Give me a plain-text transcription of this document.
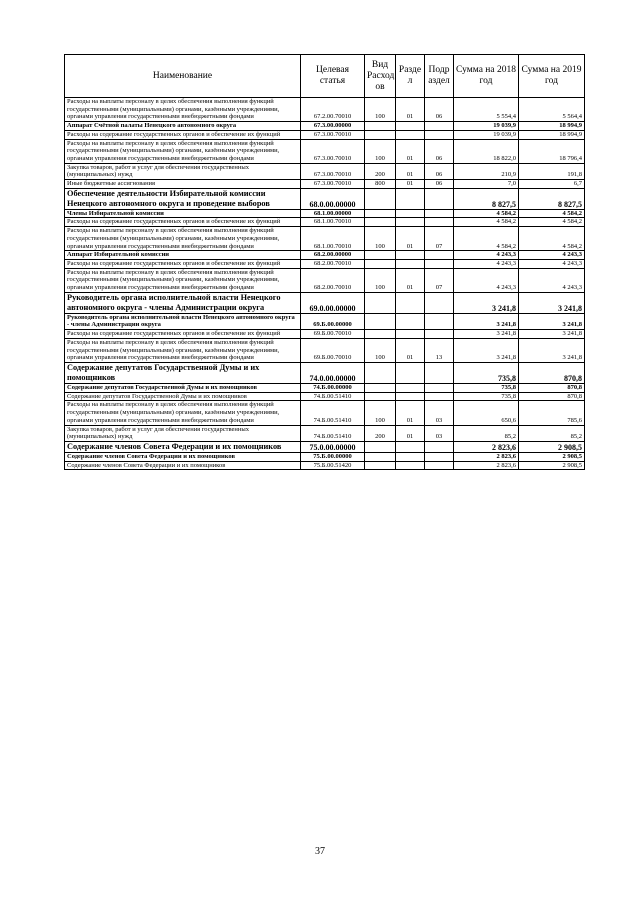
Наименование	Целевая статья	Вид Расход ов	Разде л	Подр аздел	Сумма на 2018 год	Сумма на 2019 год
Расходы на выплаты персоналу в целях обеспечения выполнения функций государственными (муниципальными) органами, казёнными учреждениями, органами управления государственными внебюджетными фондами	67.2.00.70010	100	01	06	5 554,4	5 564,4
Аппарат Счётной палаты Ненецкого автономного округа	67.3.00.00000				19 039,9	18 994,9
Расходы на содержание государственных органов и обеспечение их функций	67.3.00.70010				19 039,9	18 994,9
Расходы на выплаты персоналу в целях обеспечения выполнения функций государственными (муниципальными) органами, казёнными учреждениями, органами управления государственными внебюджетными фондами	67.3.00.70010	100	01	06	18 822,0	18 796,4
Закупка товаров, работ и услуг для обеспечения государственных (муниципальных) нужд	67.3.00.70010	200	01	06	210,9	191,8
Иные бюджетные ассигнования	67.3.00.70010	800	01	06	7,0	6,7
Обеспечение деятельности Избирательной комиссии Ненецкого автономного округа и проведение выборов	68.0.00.00000				8 827,5	8 827,5
Члены Избирательной комиссии	68.1.00.00000				4 584,2	4 584,2
Расходы на содержание государственных органов и обеспечение их функций	68.1.00.70010				4 584,2	4 584,2
Расходы на выплаты персоналу в целях обеспечения выполнения функций государственными (муниципальными) органами, казёнными учреждениями, органами управления государственными внебюджетными фондами	68.1.00.70010	100	01	07	4 584,2	4 584,2
Аппарат Избирательной комиссии	68.2.00.00000				4 243,3	4 243,3
Расходы на содержание государственных органов и обеспечение их функций	68.2.00.70010				4 243,3	4 243,3
Расходы на выплаты персоналу в целях обеспечения выполнения функций государственными (муниципальными) органами, казёнными учреждениями, органами управления государственными внебюджетными фондами	68.2.00.70010	100	01	07	4 243,3	4 243,3
Руководитель органа исполнительной власти Ненецкого автономного округа - члены Администрации округа	69.0.00.00000				3 241,8	3 241,8
Руководитель органа исполнительной власти Ненецкого автономного округа - члены Администрации округа	69.Б.00.00000				3 241,8	3 241,8
Расходы на содержание государственных органов и обеспечение их функций	69.Б.00.70010				3 241,8	3 241,8
Расходы на выплаты персоналу в целях обеспечения выполнения функций государственными (муниципальными) органами, казёнными учреждениями, органами управления государственными внебюджетными фондами	69.Б.00.70010	100	01	13	3 241,8	3 241,8
Содержание депутатов Государственной Думы и их помощников	74.0.00.00000				735,8	870,8
Содержание депутатов Государственной Думы и их помощников	74.Б.00.00000				735,8	870,8
Содержание депутатов Государственной Думы и их помощников	74.Б.00.51410				735,8	870,8
Расходы на выплаты персоналу в целях обеспечения выполнения функций государственными (муниципальными) органами, казёнными учреждениями, органами управления государственными внебюджетными фондами	74.Б.00.51410	100	01	03	650,6	785,6
Закупка товаров, работ и услуг для обеспечения государственных (муниципальных) нужд	74.Б.00.51410	200	01	03	85,2	85,2
Содержание членов Совета Федерации и их помощников	75.0.00.00000				2 823,6	2 908,5
Содержание членов Совета Федерации и их помощников	75.Б.00.00000				2 823,6	2 908,5
Содержание членов Совета Федерации и их помощников	75.Б.00.51420				2 823,6	2 908,5
37
